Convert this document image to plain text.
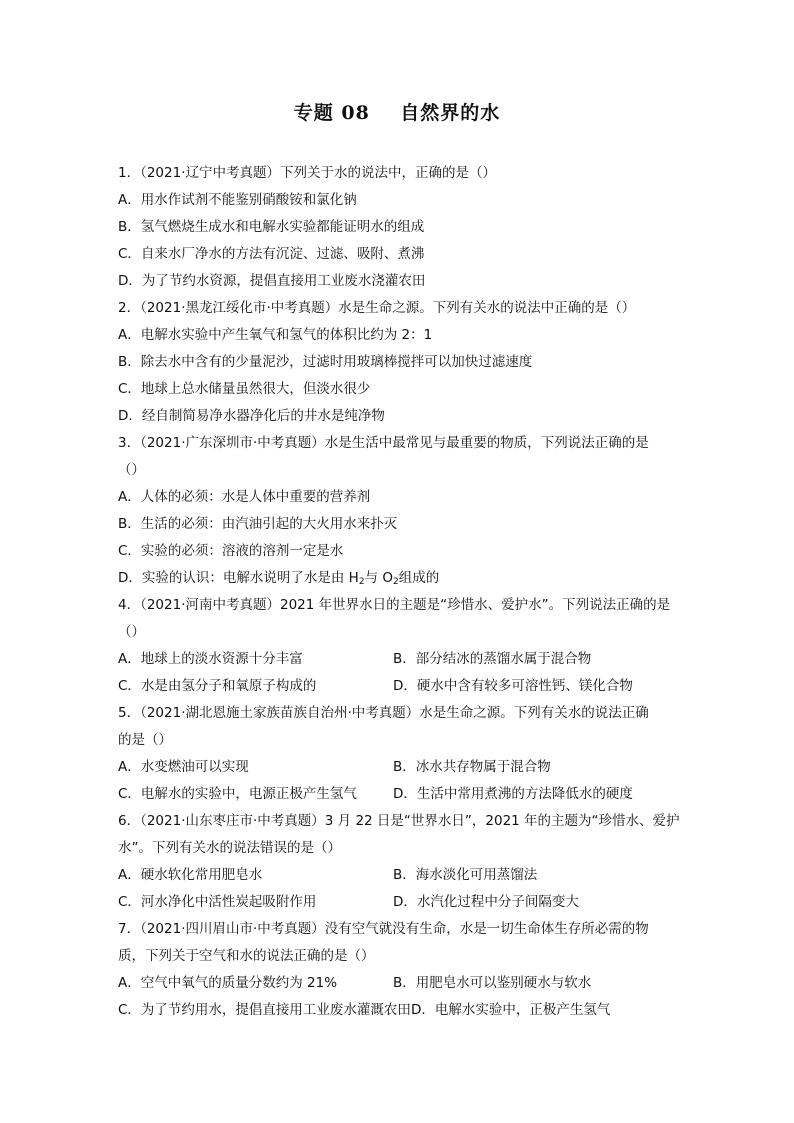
专题 08    自然界的水
1．（2021·辽宁中考真题）下列关于水的说法中，正确的是（）
A．用水作试剂不能鉴别硝酸铵和氯化钠
B．氢气燃烧生成水和电解水实验都能证明水的组成
C．自来水厂净水的方法有沉淀、过滤、吸附、煮沸
D．为了节约水资源，提倡直接用工业废水浇灌农田
2．（2021·黑龙江绥化市·中考真题）水是生命之源。下列有关水的说法中正确的是（）
A．电解水实验中产生氧气和氢气的体积比约为 2：1
B．除去水中含有的少量泥沙，过滤时用玻璃棒搅拌可以加快过滤速度
C．地球上总水储量虽然很大，但淡水很少
D．经自制简易净水器净化后的井水是纯净物
3．（2021·广东深圳市·中考真题）水是生活中最常见与最重要的物质，下列说法正确的是
（）
A．人体的必须：水是人体中重要的营养剂
B．生活的必须：由汽油引起的大火用水来扑灭
C．实验的必须：溶液的溶剂一定是水
D．实验的认识：电解水说明了水是由 $H_2$与 $O_2$组成的
4．（2021·河南中考真题）2021 年世界水日的主题是“珍惜水、爱护水”。下列说法正确的是
（）
A．地球上的淡水资源十分丰富	B．部分结冰的蒸馏水属于混合物
C．水是由氢分子和氧原子构成的	D．硬水中含有较多可溶性钙、镁化合物
5．（2021·湖北恩施土家族苗族自治州·中考真题）水是生命之源。下列有关水的说法正确
的是（）
A．水变燃油可以实现	B．冰水共存物属于混合物
C．电解水的实验中，电源正极产生氢气	D．生活中常用煮沸的方法降低水的硬度
6．（2021·山东枣庄市·中考真题）3 月 22 日是“世界水日”，2021 年的主题为“珍惜水、爱护
水”。下列有关水的说法错误的是（）
A．硬水软化常用肥皂水	B．海水淡化可用蒸馏法
C．河水净化中活性炭起吸附作用	D．水汽化过程中分子间隔变大
7．（2021·四川眉山市·中考真题）没有空气就没有生命，水是一切生命体生存所必需的物
质，下列关于空气和水的说法正确的是（）
A．空气中氧气的质量分数约为 21%	B．用肥皂水可以鉴别硬水与软水
C．为了节约用水，提倡直接用工业废水灌溉农田D．电解水实验中，正极产生氢气
